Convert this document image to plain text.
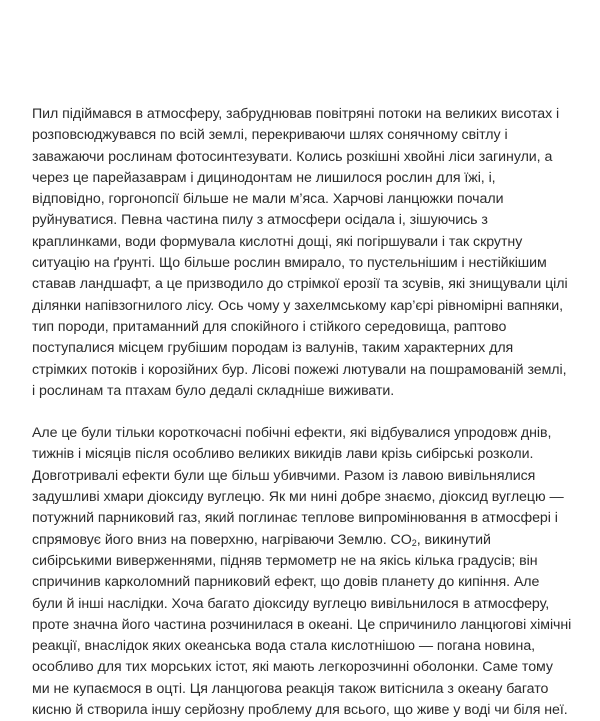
Пил підіймався в атмосферу, забруднював повітряні потоки на великих висотах і розповсюджувався по всій землі, перекриваючи шлях сонячному світлу і заважаючи рослинам фотосинтезувати. Колись розкішні хвойні ліси загинули, а через це парейазаврам і дицинодонтам не лишилося рослин для їжі, і, відповідно, горгонопсії більше не мали м’яса. Харчові ланцюжки почали руйнуватися. Певна частина пилу з атмосфери осідала і, зішуючись з краплинками, води формувала кислотні дощі, які погіршували і так скрутну ситуацію на ґрунті. Що більше рослин вмирало, то пустельнішим і нестійкішим ставав ландшафт, а це призводило до стрімкої ерозії та зсувів, які знищували цілі ділянки напівзогнилого лісу. Ось чому у захелмському кар’єрі рівномірні вапняки, тип породи, притаманний для спокійного і стійкого середовища, раптово поступалися місцем грубішим породам із валунів, таким характерних для стрімких потоків і корозійних бур. Лісові пожежі лютували на пошрамованій землі, і рослинам та птахам було дедалі складніше виживати.

Але це були тільки короткочасні побічні ефекти, які відбувалися упродовж днів, тижнів і місяців після особливо великих викидів лави крізь сибірські розколи. Довготривалі ефекти були ще більш убивчими. Разом із лавою вивільнялися задушливі хмари діоксиду вуглецю. Як ми нині добре знаємо, діоксид вуглецю — потужний парниковий газ, який поглинає теплове випромінювання в атмосфері і спрямовує його вниз на поверхню, нагріваючи Землю. $CO_2$, викинутий сибірськими виверженнями, підняв термометр не на якісь кілька градусів; він спричинив карколомний парниковий ефект, що довів планету до кипіння. Але були й інші наслідки. Хоча багато діоксиду вуглецю вивільнилося в атмосферу, проте значна його частина розчинилася в океані. Це спричинило ланцюгові хімічні реакції, внаслідок яких океанська вода стала кислотнішою — погана новина, особливо для тих морських істот, які мають легкорозчинні оболонки. Саме тому ми не купаємося в оцті. Ця ланцюгова реакція також витіснила з океану багато кисню й створила іншу серйозну проблему для всього, що живе у воді чи біля неї.
